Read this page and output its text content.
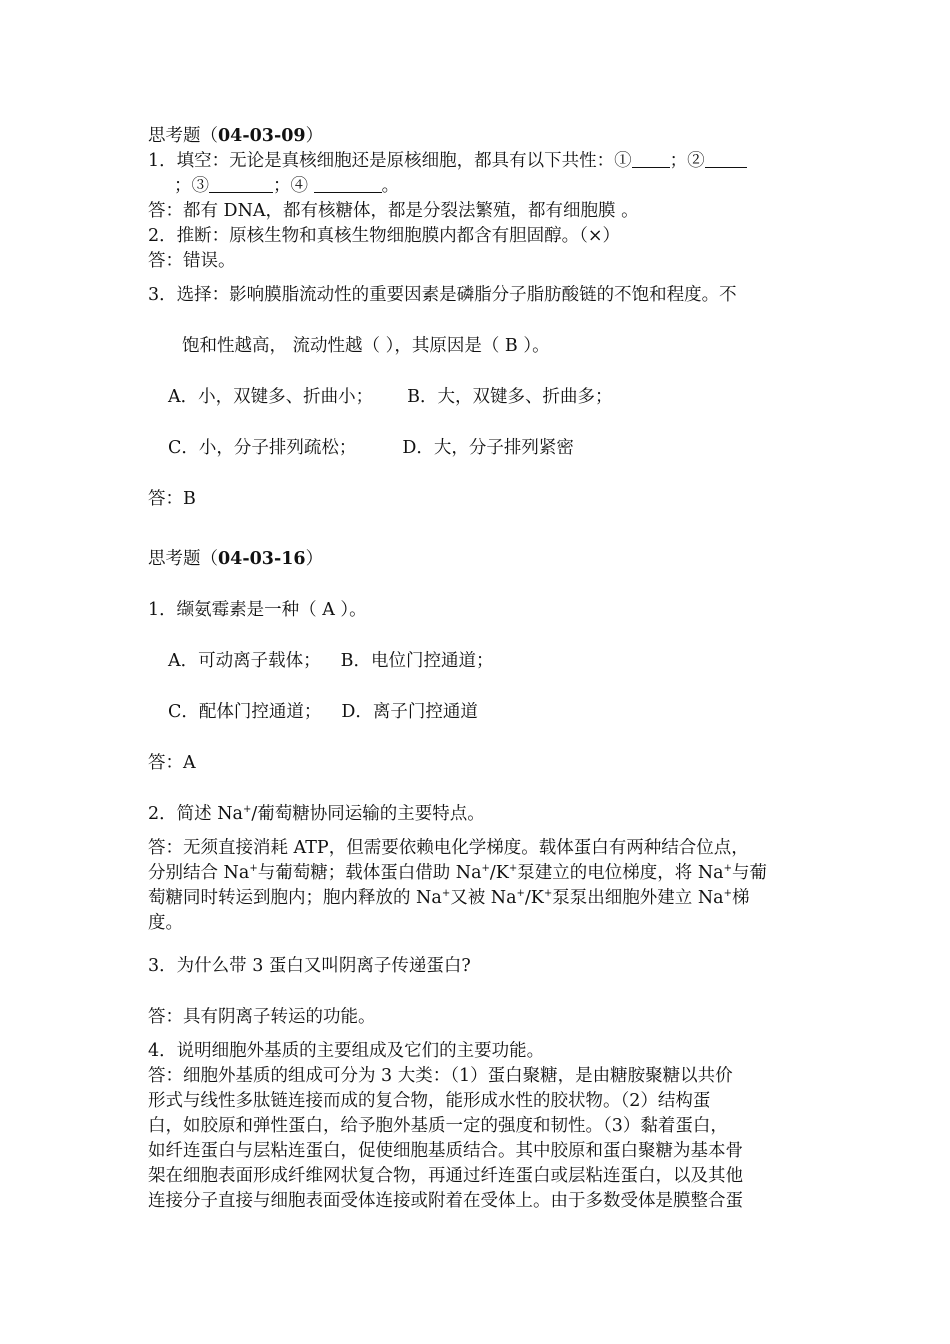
思考题（04-03-09）
1．填空：无论是真核细胞还是原核细胞，都具有以下共性：① ；②
；③	；④	。
答：都有 DNA，都有核糖体，都是分裂法繁殖，都有细胞膜 。
2．推断：原核生物和真核生物细胞膜内都含有胆固醇。（×）
答：错误。
3．选择：影响膜脂流动性的重要因素是磷脂分子脂肪酸链的不饱和程度。不
饱和性越高， 流动性越（ ），其原因是（ B ）。
A．小，双键多、折曲小； B．大，双键多、折曲多；
C．小，分子排列疏松；	D．大，分子排列紧密
答：B
思考题（04-03-16）
1．缬氨霉素是一种（ A ）。
A．可动离子载体； B．电位门控通道；
C．配体门控通道； D．离子门控通道
答：A
2．简述 Na+/葡萄糖协同运输的主要特点。
答：无须直接消耗 ATP，但需要依赖电化学梯度。载体蛋白有两种结合位点，
分别结合 Na+与葡萄糖；载体蛋白借助 Na+/K+泵建立的电位梯度，将 Na+与葡
萄糖同时转运到胞内；胞内释放的 Na+又被 Na+/K+泵泵出细胞外建立 Na+梯
度。
3．为什么带 3 蛋白又叫阴离子传递蛋白?
答：具有阴离子转运的功能。
4．说明细胞外基质的主要组成及它们的主要功能。
答：细胞外基质的组成可分为 3 大类：（1）蛋白聚糖，是由糖胺聚糖以共价
形式与线性多肽链连接而成的复合物，能形成水性的胶状物。（2）结构蛋
白，如胶原和弹性蛋白，给予胞外基质一定的强度和韧性。（3）黏着蛋白，
如纤连蛋白与层粘连蛋白，促使细胞基质结合。其中胶原和蛋白聚糖为基本骨
架在细胞表面形成纤维网状复合物，再通过纤连蛋白或层粘连蛋白，以及其他
连接分子直接与细胞表面受体连接或附着在受体上。由于多数受体是膜整合蛋
